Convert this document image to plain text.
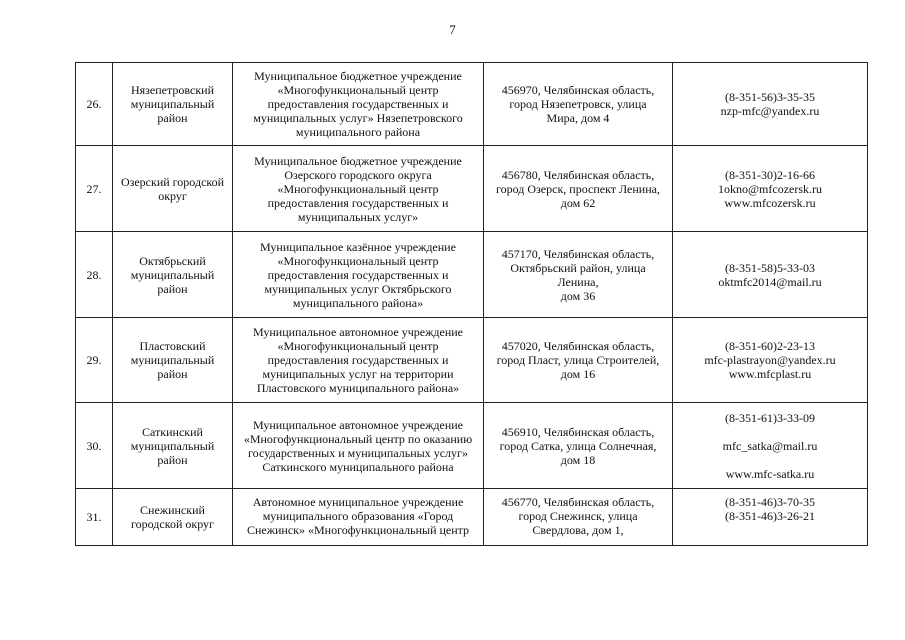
7
26.	Нязепетровский
муниципальный
район	Муниципальное бюджетное учреждение
«Многофункциональный центр
предоставления государственных и
муниципальных услуг» Нязепетровского
муниципального района	456970, Челябинская область,
город Нязепетровск, улица
Мира, дом 4	(8-351-56)3-35-35
nzp-mfc@yandex.ru

27.	Озерский городской
округ	Муниципальное бюджетное учреждение
Озерского городского округа
«Многофункциональный центр
предоставления государственных и
муниципальных услуг»	456780, Челябинская область,
город Озерск, проспект Ленина,
дом 62	(8-351-30)2-16-66
1okno@mfcozersk.ru
www.mfcozersk.ru

28.	Октябрьский
муниципальный
район	Муниципальное казённое учреждение
«Многофункциональный центр
предоставления государственных и
муниципальных услуг Октябрьского
муниципального района»	457170, Челябинская область,
Октябрьский район, улица
Ленина,
дом 36	(8-351-58)5-33-03
oktmfc2014@mail.ru

29.	Пластовский
муниципальный
район	Муниципальное автономное учреждение
«Многофункциональный центр
предоставления государственных и
муниципальных услуг на территории
Пластовского муниципального района»	457020, Челябинская область,
город Пласт, улица Строителей,
дом 16	(8-351-60)2-23-13
mfc-plastrayon@yandex.ru
www.mfcplast.ru

30.	Саткинский
муниципальный
район	Муниципальное автономное учреждение
«Многофункциональный центр по оказанию
государственных и муниципальных услуг»
Саткинского муниципального района	456910, Челябинская область,
город Сатка, улица Солнечная,
дом 18	(8-351-61)3-33-09
mfc_satka@mail.ru
www.mfc-satka.ru

31.	Снежинский
городской округ	Автономное муниципальное учреждение
муниципального образования «Город
Снежинск» «Многофункциональный центр	456770, Челябинская область,
город Снежинск, улица
Свердлова, дом 1,	(8-351-46)3-70-35
(8-351-46)3-26-21
